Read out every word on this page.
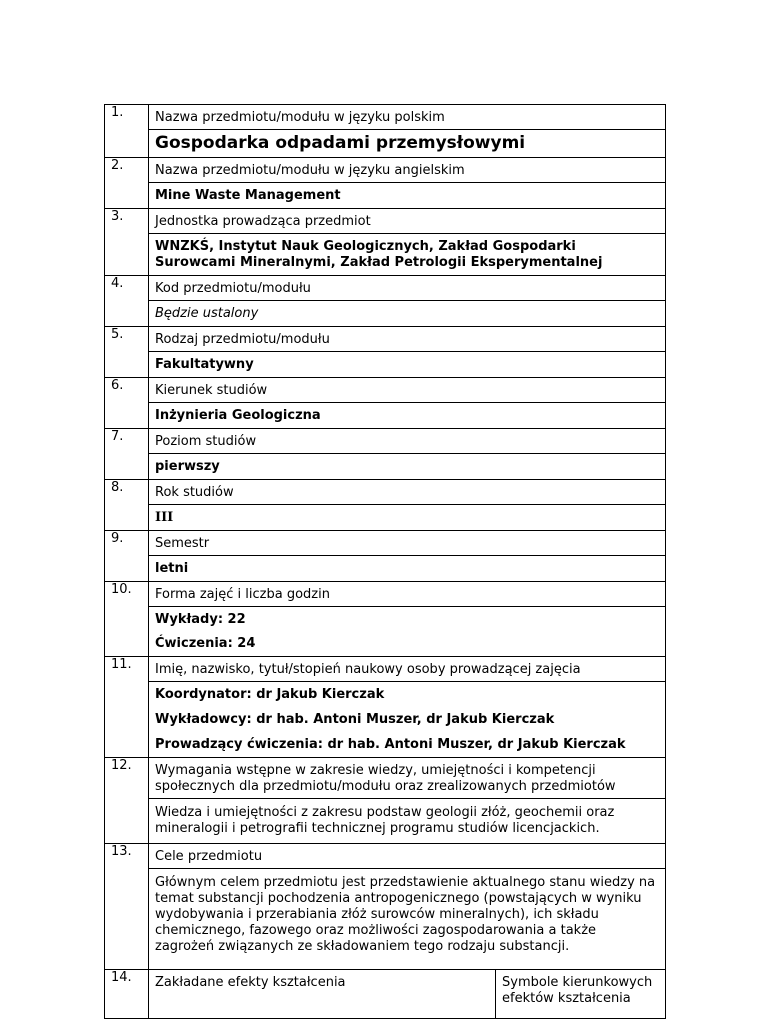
1.	Nazwa przedmiotu/modułu w języku polskim
Gospodarka odpadami przemysłowymi	

2.	Nazwa przedmiotu/modułu w języku angielskim
Mine Waste Management	

3.	Jednostka prowadząca przedmiot
WNZKŚ, Instytut Nauk Geologicznych, Zakład Gospodarki Surowcami Mineralnymi, Zakład Petrologii Eksperymentalnej	

4.	Kod przedmiotu/modułu
Będzie ustalony	

5.	Rodzaj przedmiotu/modułu
Fakultatywny	

6.	Kierunek studiów
Inżynieria Geologiczna	

7.	Poziom studiów
pierwszy	

8.	Rok studiów
III	

9.	Semestr
letni	

10.	Forma zajęć i liczba godzin
Wykłady: 22
Ćwiczenia: 24	

11.	Imię, nazwisko, tytuł/stopień naukowy osoby prowadzącej zajęcia
Koordynator: dr Jakub Kierczak
Wykładowcy: dr hab. Antoni Muszer, dr Jakub Kierczak
Prowadzący ćwiczenia: dr hab. Antoni Muszer, dr Jakub Kierczak	

12.	Wymagania wstępne w zakresie wiedzy, umiejętności i kompetencji społecznych dla przedmiotu/modułu oraz zrealizowanych przedmiotów
Wiedza i umiejętności z zakresu podstaw geologii złóż, geochemii oraz mineralogii i petrografii technicznej programu studiów licencjackich.	

13.	Cele przedmiotu
Głównym celem przedmiotu jest przedstawienie aktualnego stanu wiedzy na temat substancji pochodzenia antropogenicznego (powstających w wyniku wydobywania i przerabiania złóż surowców mineralnych), ich składu chemicznego, fazowego oraz możliwości zagospodarowania a także zagrożeń związanych ze składowaniem tego rodzaju substancji.	

14.	Zakładane efekty kształcenia	Symbole kierunkowych efektów kształcenia
